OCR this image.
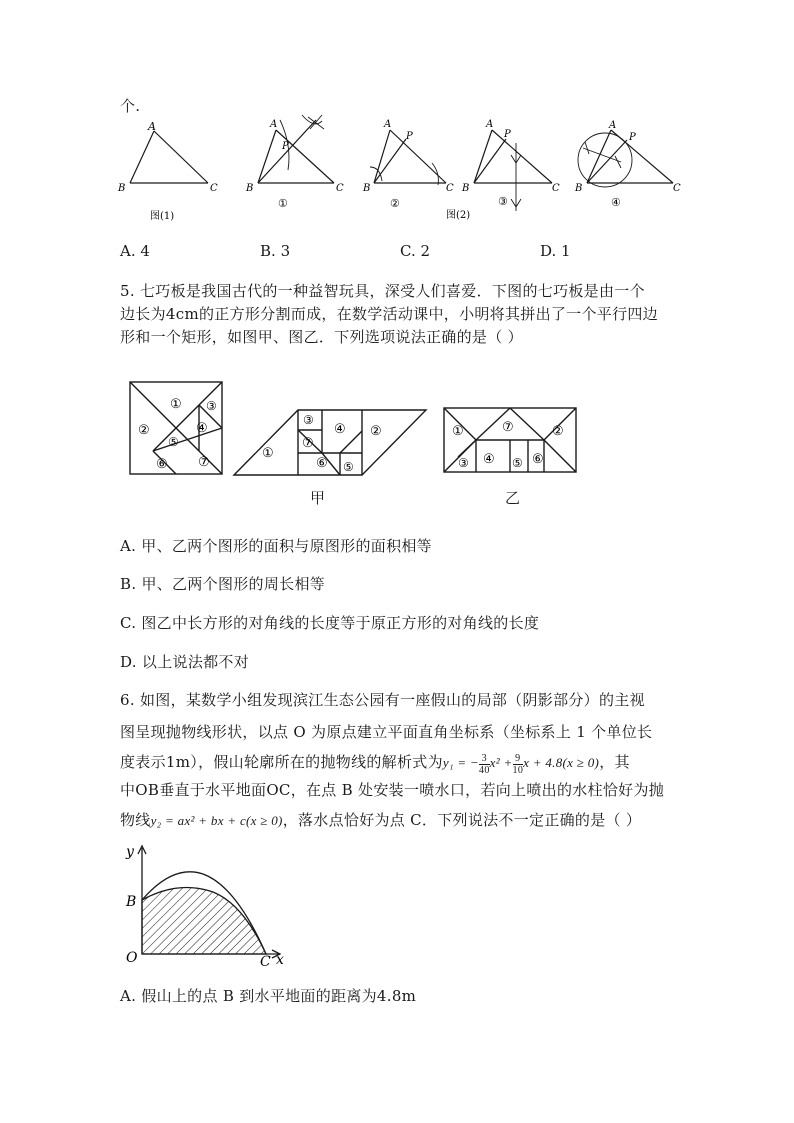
个.
A
B	C
图(1)
A
P
B	C
①
A
P
B	C
②
A
P
B	C
③
图(2)
A
P
B	C
④
A. 4	B. 3	C. 2	D. 1
5. 七巧板是我国古代的一种益智玩具，深受人们喜爱．下图的七巧板是由一个
边长为4cm的正方形分割而成，在数学活动课中，小明将其拼出了一个平行四边
形和一个矩形，如图甲、图乙．下列选项说法正确的是（ ）
①
②
③
④
⑤
⑥ ⑦
①
②
③
④
⑤
⑥
⑦
①	②
③ ④ ⑤ ⑥
⑦
甲	乙
A. 甲、乙两个图形的面积与原图形的面积相等
B. 甲、乙两个图形的周长相等
C. 图乙中长方形的对角线的长度等于原正方形的对角线的长度
D. 以上说法都不对
6. 如图，某数学小组发现滨江生态公园有一座假山的局部（阴影部分）的主视
图呈现抛物线形状，以点 O 为原点建立平面直角坐标系（坐标系上 1 个单位长
度表示1m），假山轮廓所在的抛物线的解析式为y₁ = − $\frac{3}{40} x^2 + \frac{9}{10}$ x + 4.8(x ≥ 0)，其
中OB垂直于水平地面OC，在点 B 处安装一喷水口，若向上喷出的水柱恰好为抛
物线y₂ = ax² + bx + c(x ≥ 0)，落水点恰好为点 C．下列说法不一定正确的是（ ）
y
B
O	C x
A. 假山上的点 B 到水平地面的距离为4.8m
